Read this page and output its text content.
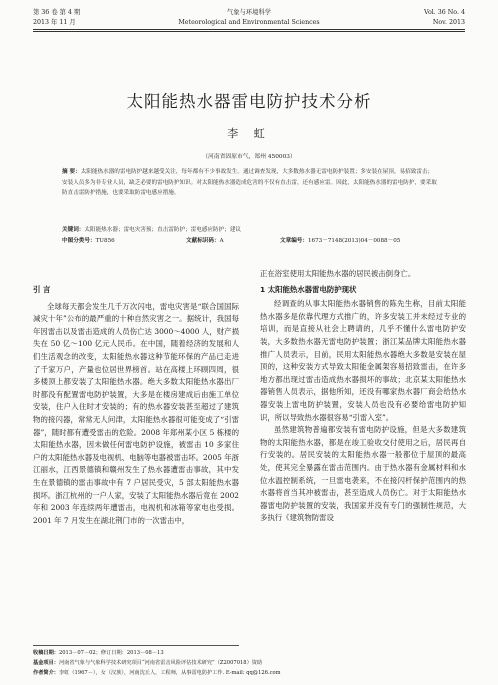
第 36 卷 第 4 期
2013 年 11 月
气象与环境科学
Meteorological and Environmental Sciences
Vol. 36 No. 4
Nov. 2013
太阳能热水器雷电防护技术分析
李 虹
（河南省固原市气，郑州 450003）
摘 要：太阳能热水器的雷电防护越来越受关注，每年都有不少事故发生。通过调查发现，大多数热水器无雷电防护装置；多安装在屋顶，易招致雷击；安装人员多为非专业人员，缺乏必要的雷电防护知识。对太阳能热水器造成危害的不仅有直击雷，还有感应雷。因此，太阳能热水器的雷电防护，要采取防直击雷防护措施，也要采取防雷电感应措施。
关键词：太阳能热水器；雷电灾害预；直击雷防护；雷电感应防护；建议
中图分类号：TU856	文献标识码：A	文章编号：1673－7148(2013)04－0088－05

引 言

全球每天都会发生几千万次闪电，雷电灾害是“联合国国际减灾十年”公布的最严重的十种自然灾害之一。据统计，我国每年因雷击以及雷击造成的人员伤亡达 3000～4000 人，财产损失在 50 亿～100 亿元人民币。在中国，随着经济的发展和人们生活观念的改变，太阳能热水器这种节能环保的产品已走进了千家万户，产量也位居世界榜首。站在高楼上环顾四周，很多楼顶上都安装了太阳能热水器。绝大多数太阳能热水器出厂时都没有配置雷电防护装置，大多是在楼房建成后由施工单位安装，住户入住时才安装的；有的热水器安装甚至超过了建筑物的接闪器，常常无人问津，太阳能热水器很可能变成了“引雷器”，随时都有遭受雷击的危险。2008 年郑州某小区 5 栋楼的太阳能热水器，因未做任何雷电防护设施，被雷击 10 多家住户的太阳能热水器及电视机、电脑等电器被雷击坏。2005 年浙江丽水，江西景德镇和赣州发生了热水器遭雷击事故，其中发生在景德镇的雷击事故中有 7 户居民受灾，5 部太阳能热水器损坏。浙江杭州的一户人家，安装了太阳能热水器后竟在 2002 年和 2003 年连续两年遭雷击，电视机和冰箱等家电也受损。2001 年 7 月发生在湖北荆门市的一次雷击中，

正在浴室使用太阳能热水器的居民被击倒身亡。

1 太阳能热水器雷电防护现状

经调查的从事太阳能热水器销售的陈先生称，目前太阳能热水器多是依靠代理方式推广的，许多安装工并未经过专业的培训，而是直接从社会上聘请的，几乎不懂什么雷电防护安装，大多数热水器无雷电防护装置；浙江某品牌太阳能热水器推广人员表示，目前，民用太阳能热水器绝大多数是安装在屋顶的，这种安装方式导致太阳能金属架容易招致雷击，在许多地方都出现过雷击造成热水器损坏的事故；北京某太阳能热水器销售人员表示，据他所知，还没有哪家热水器厂商会给热水器安装上雷电防护装置，安装人员也没有必要给雷电防护知识，所以导致热水器很容易“引雷入室”。

虽然建筑物普遍都安装有雷电防护设施，但是大多数建筑物的太阳能热水器，都是在竣工验收交付使用之后，居民再自行安装的。居民安装的太阳能热水器一般都位于屋顶的最高处，使其完全暴露在雷击范围内。由于热水器有金属材料和水位水温控制系统，一旦雷电袭来，不在接闪杆保护范围内的热水器将首当其冲被雷击，甚至造成人员伤亡。对于太阳能热水器雷电防护装置的安装，我国家并没有专门的强制性规范，大多执行《建筑物防雷设

收稿日期：2013－07－02；修订日期：2013－08－13
基金项目：河南省气象与气象科学技术研究项目“河南省雷击风险评估技术研究”（Z2007018）资助
作者简介：李虹（1967－），女（汉族），河南沈丘人，工程师，从事雷电防护工作. E-mail: qq@126.com
